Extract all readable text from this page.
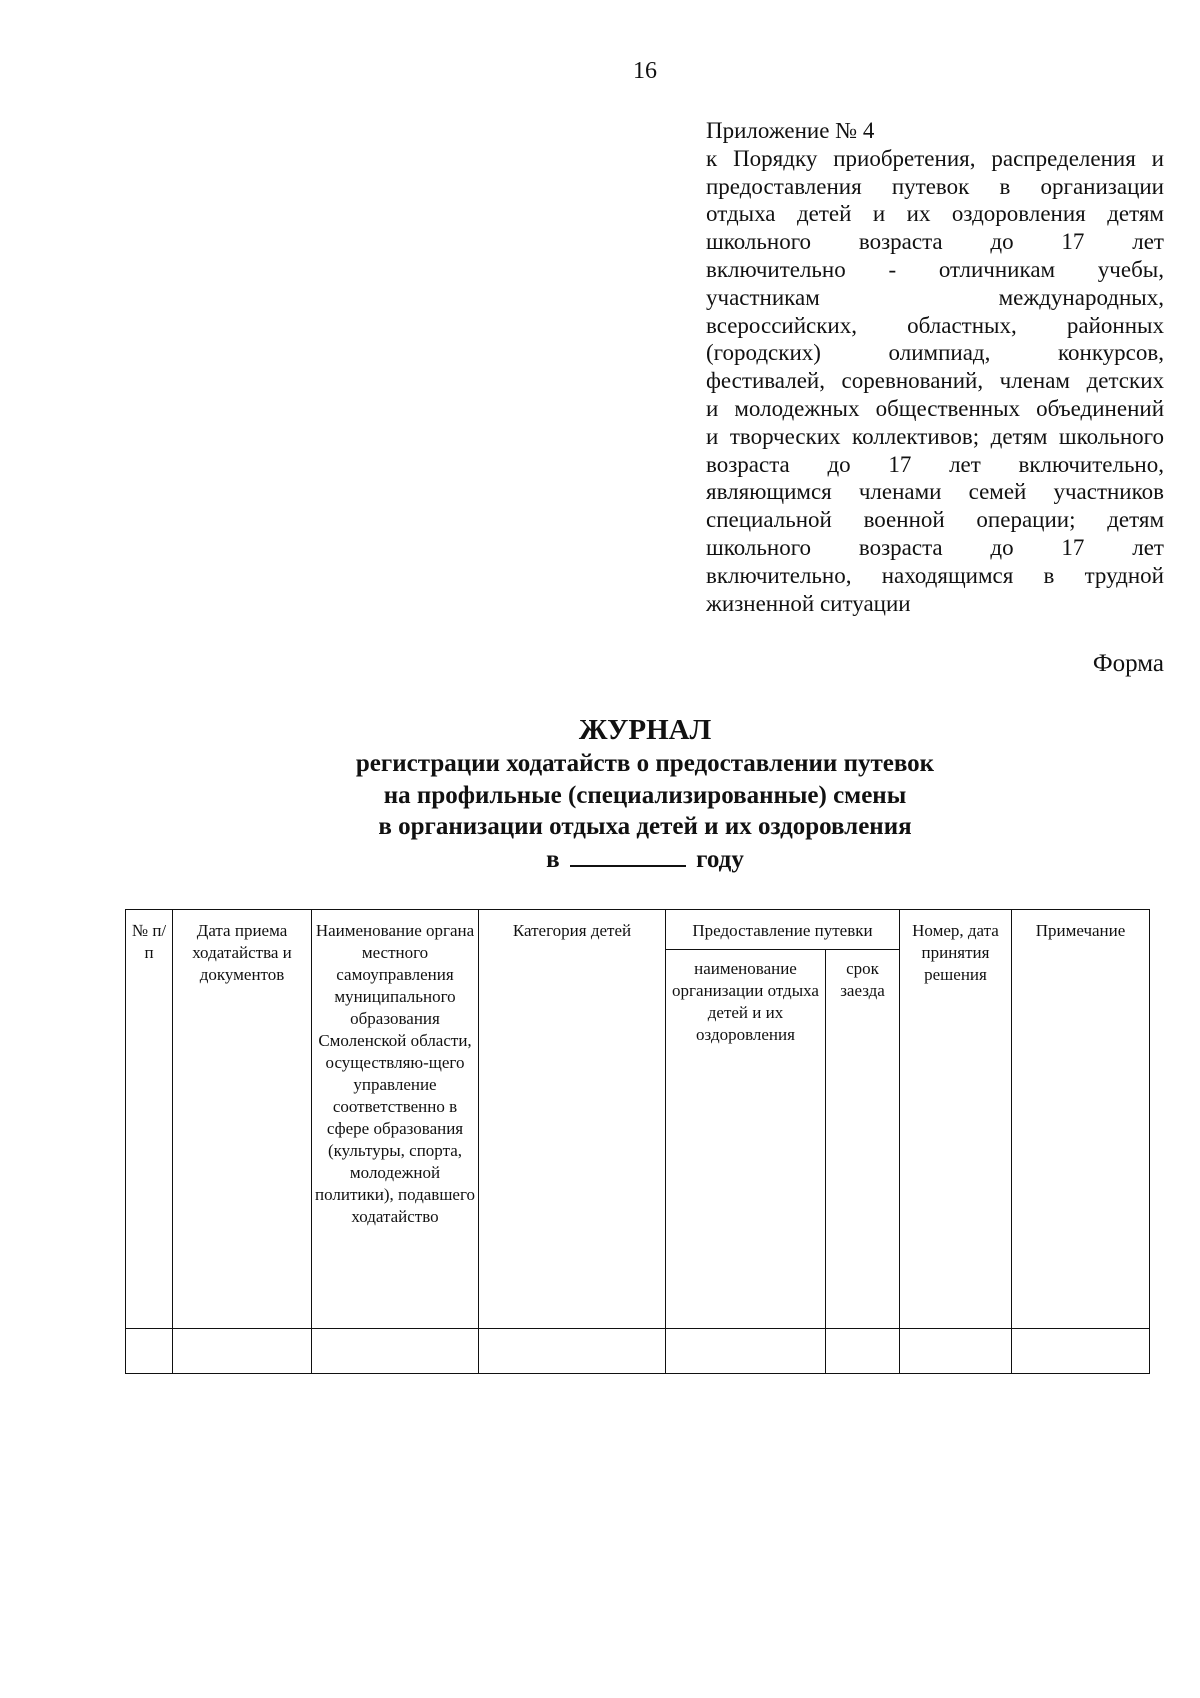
16
Приложение № 4
к Порядку приобретения, распределения и
предоставления путевок в организации
отдыха детей и их оздоровления детям
школьного возраста до 17 лет
включительно - отличникам учебы,
участникам международных,
всероссийских, областных, районных
(городских) олимпиад, конкурсов,
фестивалей, соревнований, членам детских
и молодежных общественных объединений
и творческих коллективов; детям школьного
возраста до 17 лет включительно,
являющимся членами семей участников
специальной военной операции; детям
школьного возраста до 17 лет
включительно, находящимся в трудной
жизненной ситуации
Форма
ЖУРНАЛ
регистрации ходатайств о предоставлении путевок
на профильные (специализированные) смены
в организации отдыха детей и их оздоровления
в	году
№ п/п	Дата приема ходатайства и документов	Наименование органа местного самоуправления муниципального образования Смоленской области, осуществляю-щего управление соответственно в сфере образования (культуры, спорта, молодежной политики), подавшего ходатайство	Категория детей	Предоставление путевки		Номер, дата принятия решения	Примечание
				наименование организации отдыха детей и их оздоровления	срок заезда		
